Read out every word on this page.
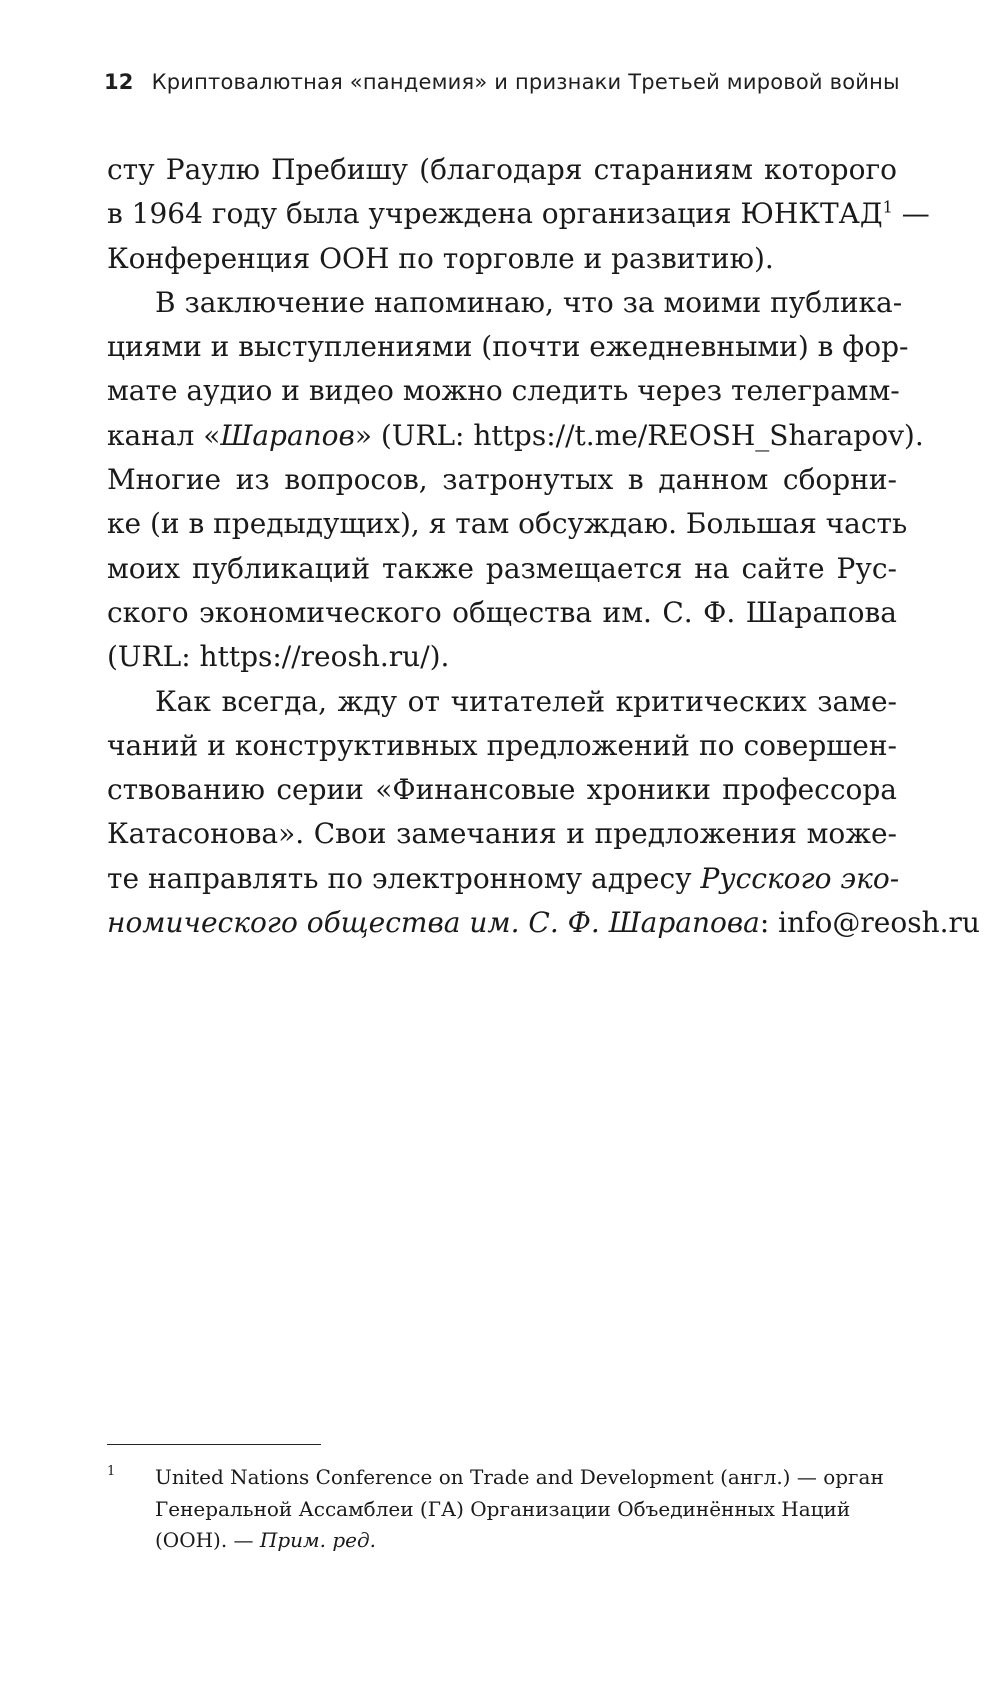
12 Криптовалютная «пандемия» и признаки Третьей мировой войны
сту Раулю Пребишу (благодаря стараниям которого
в 1964 году была учреждена организация ЮНКТАД$^1$ —
Конференция ООН по торговле и развитию).
В заключение напоминаю, что за моими публика-
циями и выступлениями (почти ежедневными) в фор-
мате аудио и видео можно следить через телеграмм-
канал «Шарапов» (URL: https://t.me/REOSH_Sharapov).
Многие из вопросов, затронутых в данном сборни-
ке (и в предыдущих), я там обсуждаю. Большая часть
моих публикаций также размещается на сайте Рус-
ского экономического общества им. С. Ф. Шарапова
(URL: https://reosh.ru/).
Как всегда, жду от читателей критических заме-
чаний и конструктивных предложений по совершен-
ствованию серии «Финансовые хроники профессора
Катасонова». Свои замечания и предложения може-
те направлять по электронному адресу Русского эко-
номического общества им. С. Ф. Шарапова: info@reosh.ru
1 United Nations Conference on Trade and Development (англ.) — орган
Генеральной Ассамблеи (ГА) Организации Объединённых Наций
(ООН). — Прим. ред.
